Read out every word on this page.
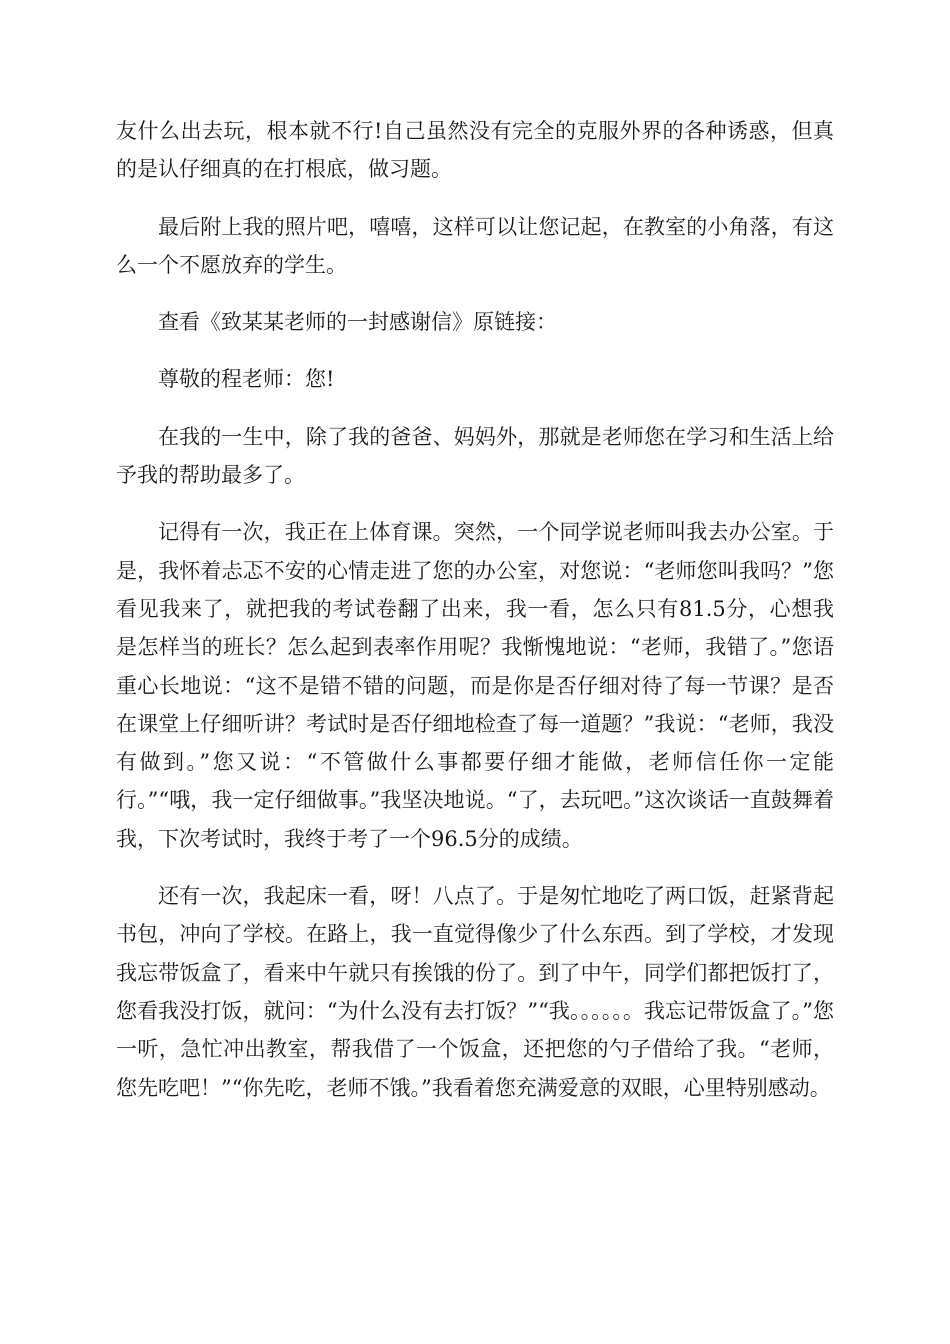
友什么出去玩，根本就不行!自己虽然没有完全的克服外界的各种诱惑，但真的是认仔细真的在打根底，做习题。

最后附上我的照片吧，嘻嘻，这样可以让您记起，在教室的小角落，有这么一个不愿放弃的学生。

查看《致某某老师的一封感谢信》原链接：

尊敬的程老师：您!

在我的一生中，除了我的爸爸、妈妈外，那就是老师您在学习和生活上给予我的帮助最多了。

记得有一次，我正在上体育课。突然，一个同学说老师叫我去办公室。于是，我怀着忐忑不安的心情走进了您的办公室，对您说：“老师您叫我吗？”您看见我来了，就把我的考试卷翻了出来，我一看，怎么只有81.5分，心想我是怎样当的班长？怎么起到表率作用呢？我惭愧地说：“老师，我错了。”您语重心长地说：“这不是错不错的问题，而是你是否仔细对待了每一节课？是否在课堂上仔细听讲？考试时是否仔细地检查了每一道题？”我说：“老师，我没有做到。”您又说：“不管做什么事都要仔细才能做，老师信任你一定能行。”“哦，我一定仔细做事。”我坚决地说。“了，去玩吧。”这次谈话一直鼓舞着我，下次考试时，我终于考了一个96.5分的成绩。

还有一次，我起床一看，呀！八点了。于是匆忙地吃了两口饭，赶紧背起书包，冲向了学校。在路上，我一直觉得像少了什么东西。到了学校，才发现我忘带饭盒了，看来中午就只有挨饿的份了。到了中午，同学们都把饭打了，您看我没打饭，就问：“为什么没有去打饭？”“我。。。。。。我忘记带饭盒了。”您一听，急忙冲出教室，帮我借了一个饭盒，还把您的勺子借给了我。“老师，您先吃吧！”“你先吃，老师不饿。”我看着您充满爱意的双眼，心里特别感动。
